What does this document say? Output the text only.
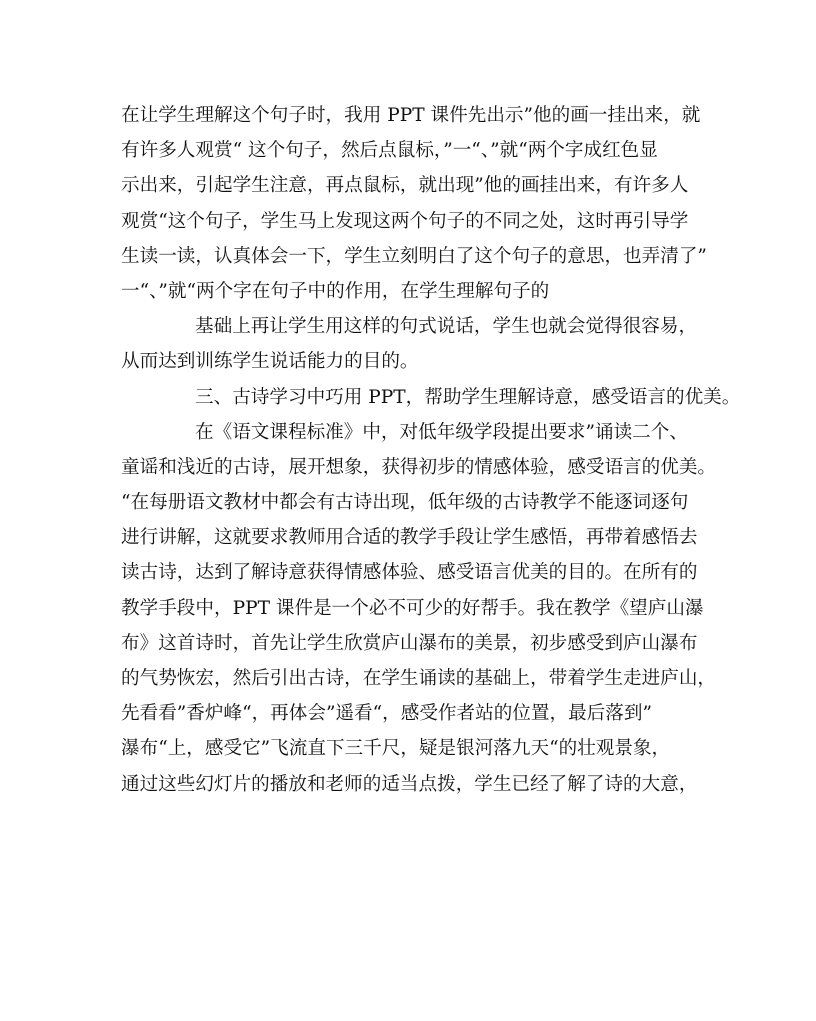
在让学生理解这个句子时，我用 PPT 课件先出示”他的画一挂出来，就
有许多人观赏“ 这个句子，然后点鼠标，”一“、”就“两个字成红色显
示出来，引起学生注意，再点鼠标，就出现”他的画挂出来，有许多人
观赏“这个句子，学生马上发现这两个句子的不同之处，这时再引导学
生读一读，认真体会一下，学生立刻明白了这个句子的意思，也弄清了”
一“、”就“两个字在句子中的作用，在学生理解句子的
基础上再让学生用这样的句式说话，学生也就会觉得很容易，
从而达到训练学生说话能力的目的。
三、古诗学习中巧用 PPT，帮助学生理解诗意，感受语言的优美。
在《语文课程标准》中，对低年级学段提出要求”诵读二个、
童谣和浅近的古诗，展开想象，获得初步的情感体验，感受语言的优美。
“在每册语文教材中都会有古诗出现，低年级的古诗教学不能逐词逐句
进行讲解，这就要求教师用合适的教学手段让学生感悟，再带着感悟去
读古诗，达到了解诗意获得情感体验、感受语言优美的目的。在所有的
教学手段中，PPT 课件是一个必不可少的好帮手。我在教学《望庐山瀑
布》这首诗时，首先让学生欣赏庐山瀑布的美景，初步感受到庐山瀑布
的气势恢宏，然后引出古诗，在学生诵读的基础上，带着学生走进庐山，
先看看”香炉峰“，再体会”遥看“，感受作者站的位置，最后落到”
瀑布“上，感受它”飞流直下三千尺，疑是银河落九天“的壮观景象，
通过这些幻灯片的播放和老师的适当点拨，学生已经了解了诗的大意，
